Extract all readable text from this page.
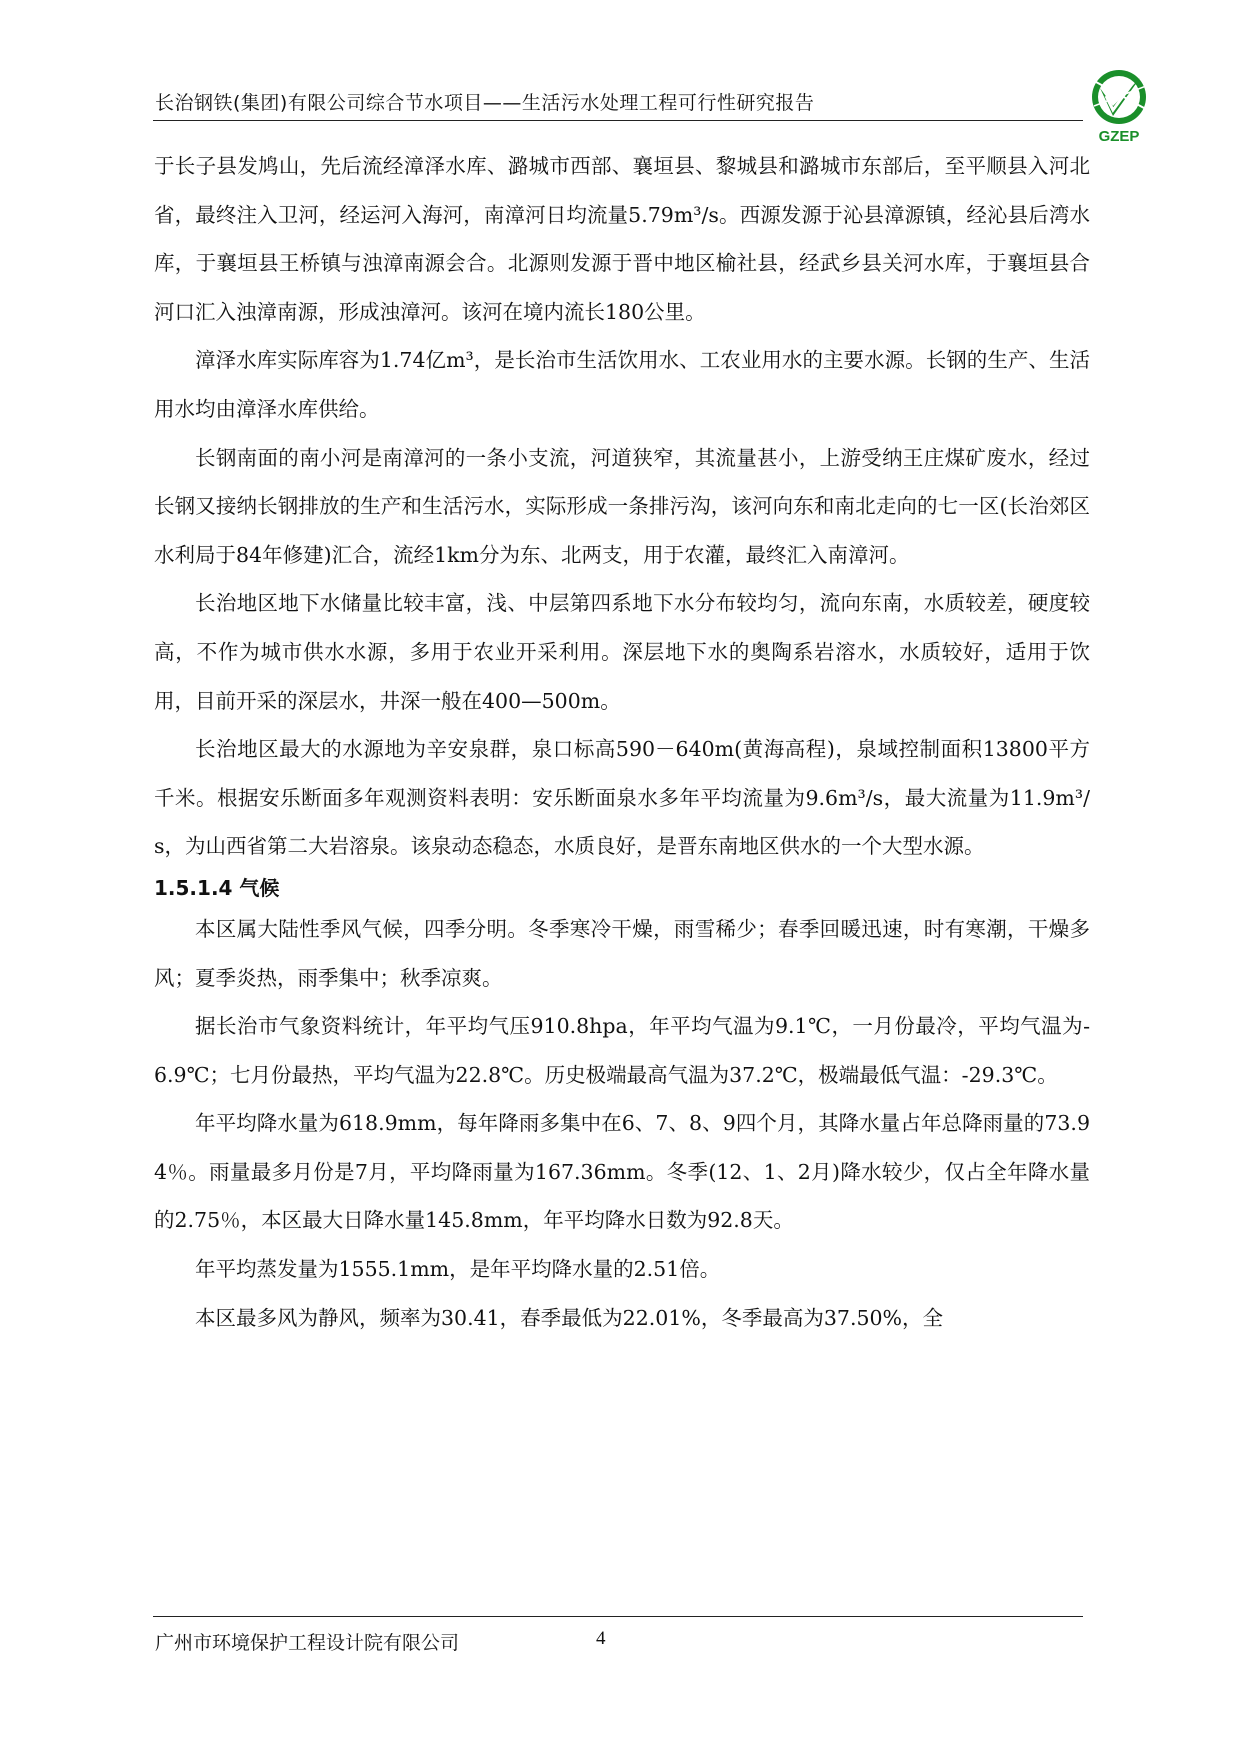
长治钢铁(集团)有限公司综合节水项目——生活污水处理工程可行性研究报告
GZEP

于长子县发鸠山，先后流经漳泽水库、潞城市西部、襄垣县、黎城县和潞城市东部后，至平顺县入河北省，最终注入卫河，经运河入海河，南漳河日均流量5.79m³/s。西源发源于沁县漳源镇，经沁县后湾水库，于襄垣县王桥镇与浊漳南源会合。北源则发源于晋中地区榆社县，经武乡县关河水库，于襄垣县合河口汇入浊漳南源，形成浊漳河。该河在境内流长180公里。

漳泽水库实际库容为1.74亿m³，是长治市生活饮用水、工农业用水的主要水源。长钢的生产、生活用水均由漳泽水库供给。

长钢南面的南小河是南漳河的一条小支流，河道狭窄，其流量甚小，上游受纳王庄煤矿废水，经过长钢又接纳长钢排放的生产和生活污水，实际形成一条排污沟，该河向东和南北走向的七一区(长治郊区水利局于84年修建)汇合，流经1km分为东、北两支，用于农灌，最终汇入南漳河。

长治地区地下水储量比较丰富，浅、中层第四系地下水分布较均匀，流向东南，水质较差，硬度较高，不作为城市供水水源，多用于农业开采利用。深层地下水的奥陶系岩溶水，水质较好，适用于饮用，目前开采的深层水，井深一般在400—500m。

长治地区最大的水源地为辛安泉群，泉口标高590－640m(黄海高程)，泉域控制面积13800平方千米。根据安乐断面多年观测资料表明：安乐断面泉水多年平均流量为9.6m³/s，最大流量为11.9m³/s，为山西省第二大岩溶泉。该泉动态稳态，水质良好，是晋东南地区供水的一个大型水源。

1.5.1.4 气候

本区属大陆性季风气候，四季分明。冬季寒冷干燥，雨雪稀少；春季回暖迅速，时有寒潮，干燥多风；夏季炎热，雨季集中；秋季凉爽。

据长治市气象资料统计，年平均气压910.8hpa，年平均气温为9.1℃，一月份最冷，平均气温为-6.9℃；七月份最热，平均气温为22.8℃。历史极端最高气温为37.2℃，极端最低气温：-29.3℃。

年平均降水量为618.9mm，每年降雨多集中在6、7、8、9四个月，其降水量占年总降雨量的73.94％。雨量最多月份是7月，平均降雨量为167.36mm。冬季(12、1、2月)降水较少，仅占全年降水量的2.75％，本区最大日降水量145.8mm，年平均降水日数为92.8天。

年平均蒸发量为1555.1mm，是年平均降水量的2.51倍。

本区最多风为静风，频率为30.41，春季最低为22.01%，冬季最高为37.50%，全

广州市环境保护工程设计院有限公司	4
